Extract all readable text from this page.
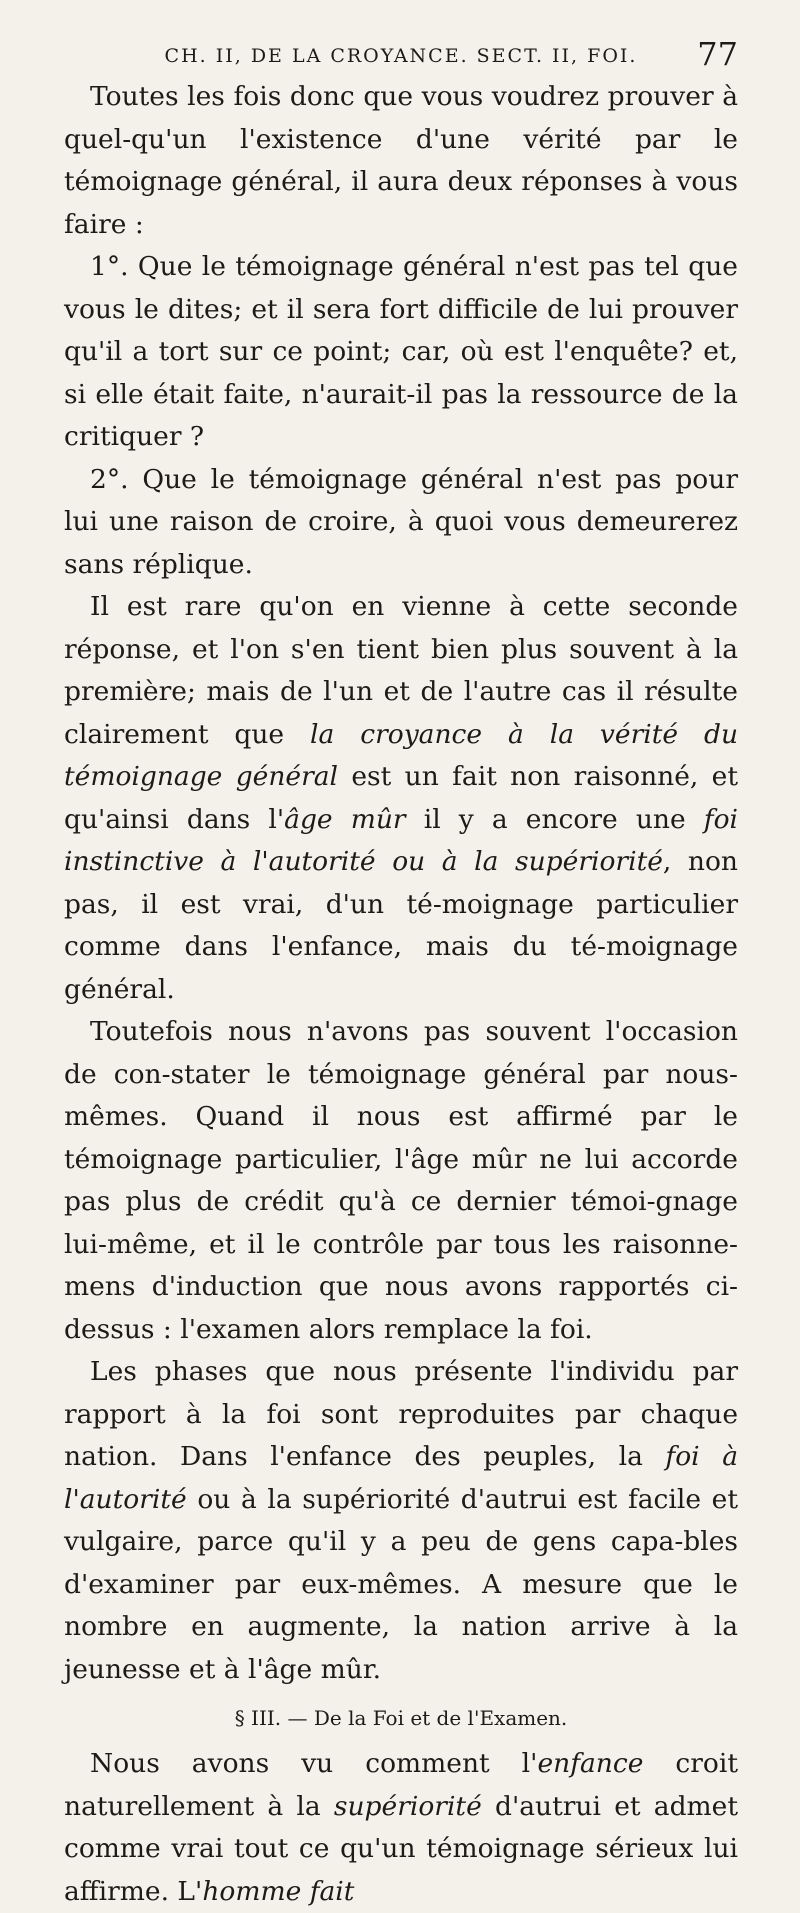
CH. II, DE LA CROYANCE. SECT. II, FOI. 77

Toutes les fois donc que vous voudrez prouver à quel-qu'un l'existence d'une vérité par le témoignage général, il aura deux réponses à vous faire :

1°. Que le témoignage général n'est pas tel que vous le dites; et il sera fort difficile de lui prouver qu'il a tort sur ce point; car, où est l'enquête? et, si elle était faite, n'aurait-il pas la ressource de la critiquer ?

2°. Que le témoignage général n'est pas pour lui une raison de croire, à quoi vous demeurerez sans réplique.

Il est rare qu'on en vienne à cette seconde réponse, et l'on s'en tient bien plus souvent à la première; mais de l'un et de l'autre cas il résulte clairement que la croyance à la vérité du témoignage général est un fait non raisonné, et qu'ainsi dans l'âge mûr il y a encore une foi instinctive à l'autorité ou à la supériorité, non pas, il est vrai, d'un té-moignage particulier comme dans l'enfance, mais du té-moignage général.

Toutefois nous n'avons pas souvent l'occasion de con-stater le témoignage général par nous-mêmes. Quand il nous est affirmé par le témoignage particulier, l'âge mûr ne lui accorde pas plus de crédit qu'à ce dernier témoi-gnage lui-même, et il le contrôle par tous les raisonne-mens d'induction que nous avons rapportés ci-dessus : l'examen alors remplace la foi.

Les phases que nous présente l'individu par rapport à la foi sont reproduites par chaque nation. Dans l'enfance des peuples, la foi à l'autorité ou à la supériorité d'autrui est facile et vulgaire, parce qu'il y a peu de gens capa-bles d'examiner par eux-mêmes. A mesure que le nombre en augmente, la nation arrive à la jeunesse et à l'âge mûr.

§ III. — De la Foi et de l'Examen.

Nous avons vu comment l'enfance croit naturellement à la supériorité d'autrui et admet comme vrai tout ce qu'un témoignage sérieux lui affirme. L'homme fait
